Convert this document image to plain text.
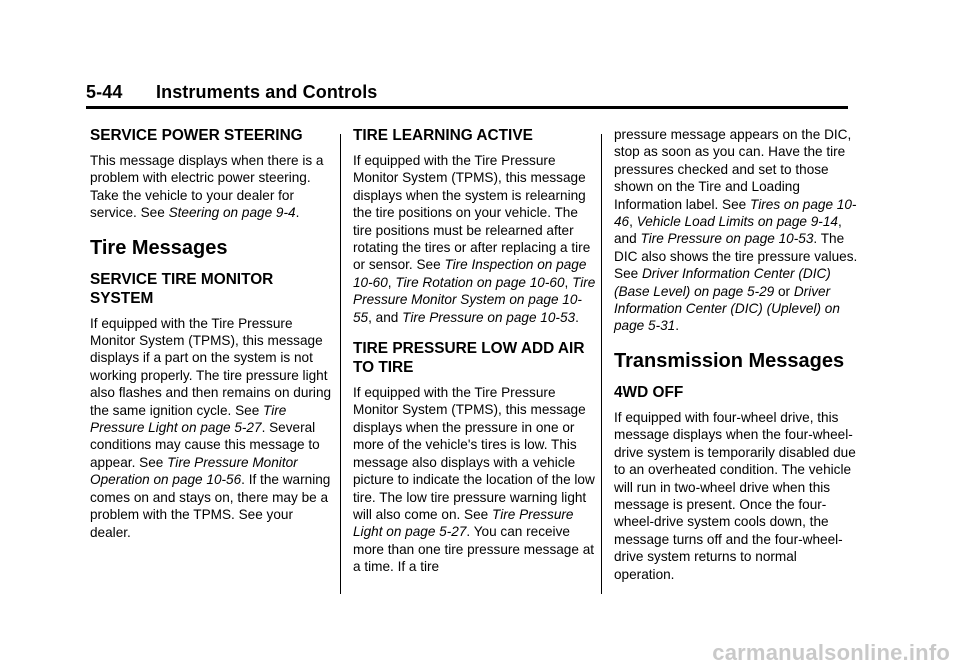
5-44 Instruments and Controls
SERVICE POWER STEERING

This message displays when there is a problem with electric power steering. Take the vehicle to your dealer for service. See Steering on page 9-4.

Tire Messages
SERVICE TIRE MONITOR SYSTEM

If equipped with the Tire Pressure Monitor System (TPMS), this message displays if a part on the system is not working properly. The tire pressure light also flashes and then remains on during the same ignition cycle. See Tire Pressure Light on page 5-27. Several conditions may cause this message to appear. See Tire Pressure Monitor Operation on page 10-56. If the warning comes on and stays on, there may be a problem with the TPMS. See your dealer.

TIRE LEARNING ACTIVE

If equipped with the Tire Pressure Monitor System (TPMS), this message displays when the system is relearning the tire positions on your vehicle. The tire positions must be relearned after rotating the tires or after replacing a tire or sensor. See Tire Inspection on page 10-60, Tire Rotation on page 10-60, Tire Pressure Monitor System on page 10-55, and Tire Pressure on page 10-53.

TIRE PRESSURE LOW ADD AIR TO TIRE

If equipped with the Tire Pressure Monitor System (TPMS), this message displays when the pressure in one or more of the vehicle's tires is low. This message also displays with a vehicle picture to indicate the location of the low tire. The low tire pressure warning light will also come on. See Tire Pressure Light on page 5-27. You can receive more than one tire pressure message at a time. If a tire

pressure message appears on the DIC, stop as soon as you can. Have the tire pressures checked and set to those shown on the Tire and Loading Information label. See Tires on page 10-46, Vehicle Load Limits on page 9-14, and Tire Pressure on page 10-53. The DIC also shows the tire pressure values. See Driver Information Center (DIC) (Base Level) on page 5-29 or Driver Information Center (DIC) (Uplevel) on page 5-31.

Transmission Messages
4WD OFF

If equipped with four-wheel drive, this message displays when the four-wheel-drive system is temporarily disabled due to an overheated condition. The vehicle will run in two-wheel drive when this message is present. Once the four-wheel-drive system cools down, the message turns off and the four-wheel-drive system returns to normal operation.

carmanualsonline.info
